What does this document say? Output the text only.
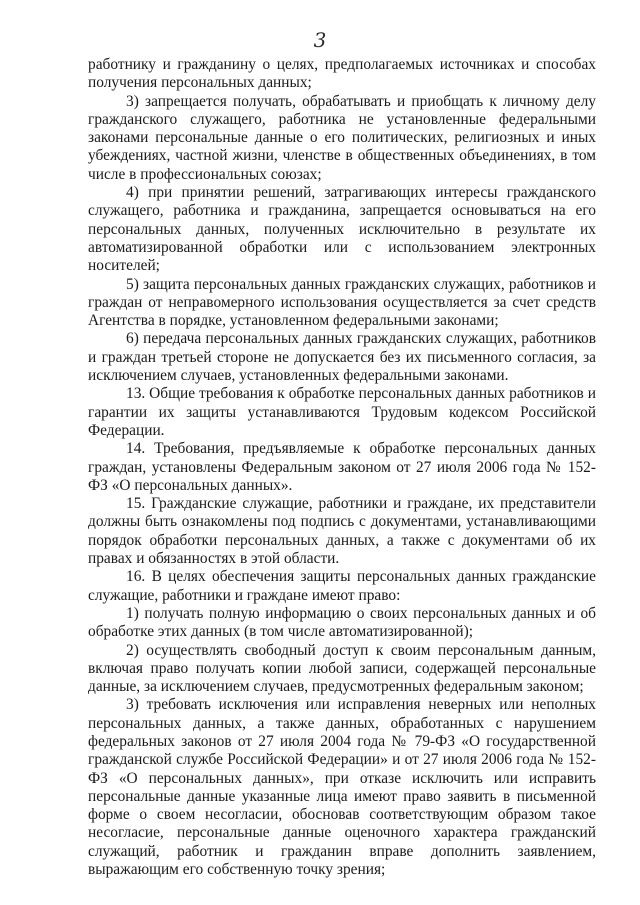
3

работнику и гражданину о целях, предполагаемых источниках и способах получения персональных данных;

3) запрещается получать, обрабатывать и приобщать к личному делу гражданского служащего, работника не установленные федеральными законами персональные данные о его политических, религиозных и иных убеждениях, частной жизни, членстве в общественных объединениях, в том числе в профессиональных союзах;

4) при принятии решений, затрагивающих интересы гражданского служащего, работника и гражданина, запрещается основываться на его персональных данных, полученных исключительно в результате их автоматизированной обработки или с использованием электронных носителей;

5) защита персональных данных гражданских служащих, работников и граждан от неправомерного использования осуществляется за счет средств Агентства в порядке, установленном федеральными законами;

6) передача персональных данных гражданских служащих, работников и граждан третьей стороне не допускается без их письменного согласия, за исключением случаев, установленных федеральными законами.

13. Общие требования к обработке персональных данных работников и гарантии их защиты устанавливаются Трудовым кодексом Российской Федерации.

14. Требования, предъявляемые к обработке персональных данных граждан, установлены Федеральным законом от 27 июля 2006 года № 152-ФЗ «О персональных данных».

15. Гражданские служащие, работники и граждане, их представители должны быть ознакомлены под подпись с документами, устанавливающими порядок обработки персональных данных, а также с документами об их правах и обязанностях в этой области.

16. В целях обеспечения защиты персональных данных гражданские служащие, работники и граждане имеют право:

1) получать полную информацию о своих персональных данных и об обработке этих данных (в том числе автоматизированной);

2) осуществлять свободный доступ к своим персональным данным, включая право получать копии любой записи, содержащей персональные данные, за исключением случаев, предусмотренных федеральным законом;

3) требовать исключения или исправления неверных или неполных персональных данных, а также данных, обработанных с нарушением федеральных законов от 27 июля 2004 года № 79-ФЗ «О государственной гражданской службе Российской Федерации» и от 27 июля 2006 года № 152-ФЗ «О персональных данных», при отказе исключить или исправить персональные данные указанные лица имеют право заявить в письменной форме о своем несогласии, обосновав соответствующим образом такое несогласие, персональные данные оценочного характера гражданский служащий, работник и гражданин вправе дополнить заявлением, выражающим его собственную точку зрения;
